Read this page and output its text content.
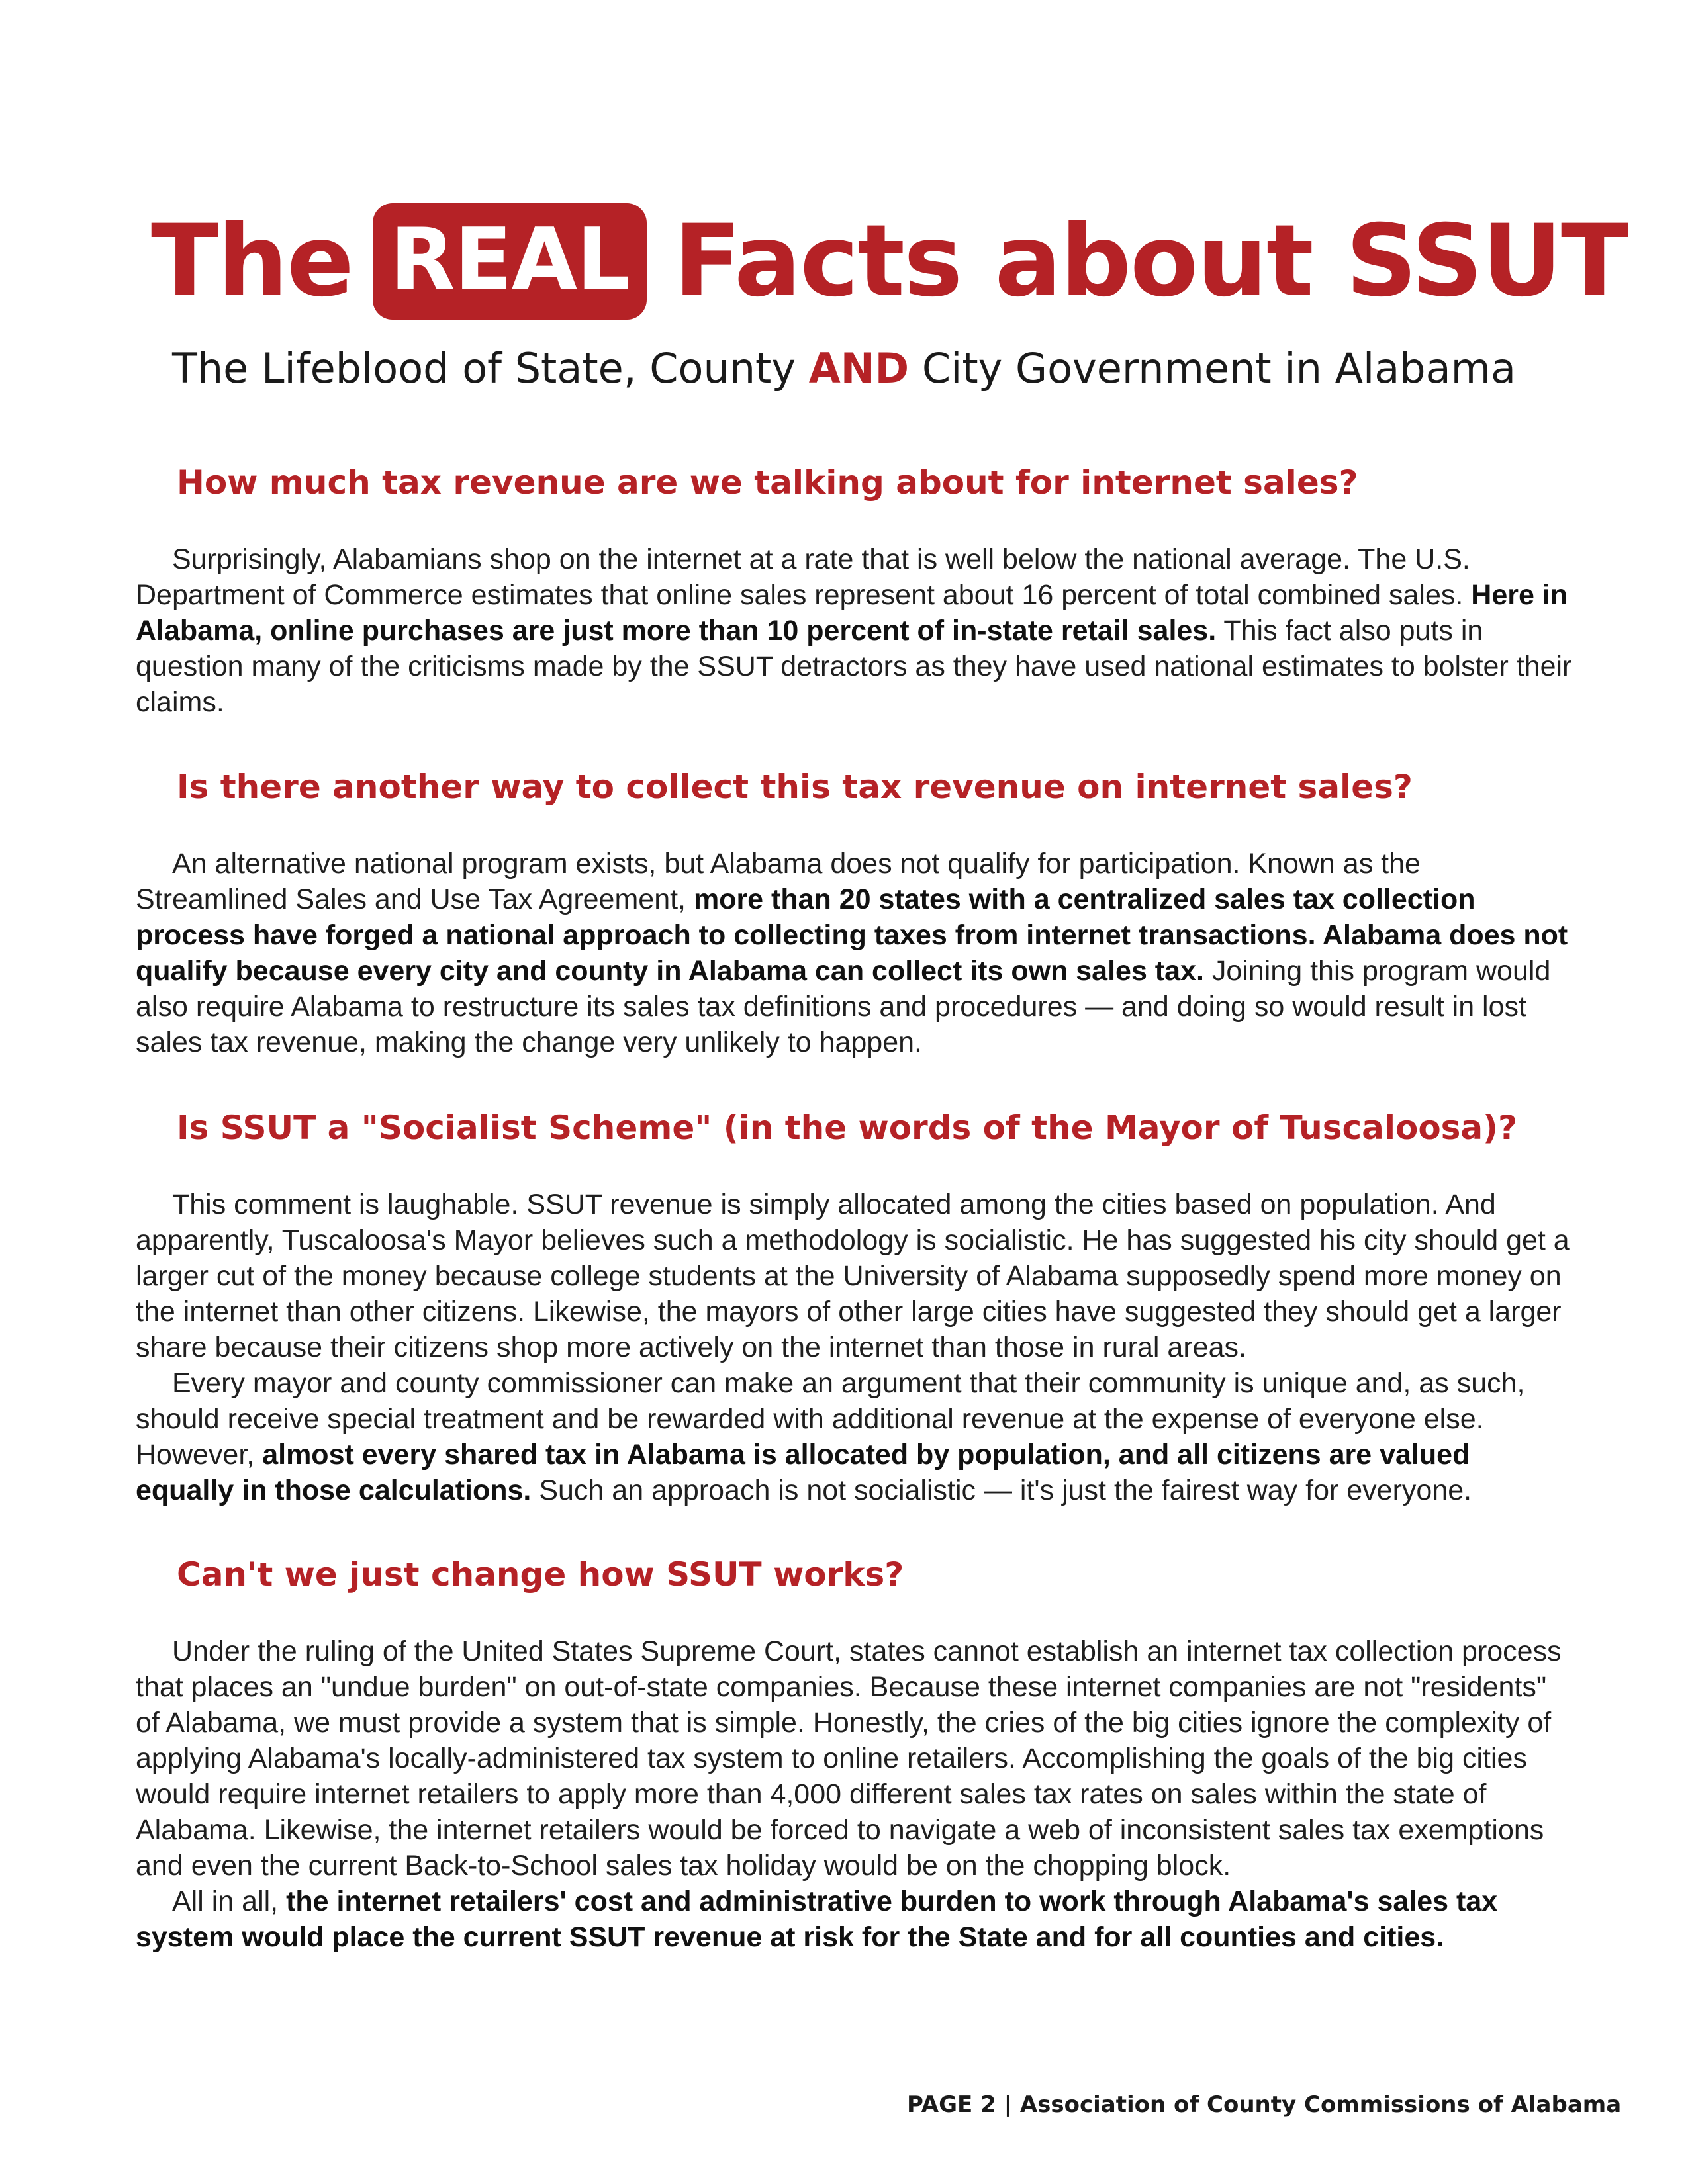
The REAL Facts about SSUT
The Lifeblood of State, County AND City Government in Alabama
How much tax revenue are we talking about for internet sales?

Surprisingly, Alabamians shop on the internet at a rate that is well below the national average. The U.S. Department of Commerce estimates that online sales represent about 16 percent of total combined sales. Here in Alabama, online purchases are just more than 10 percent of in-state retail sales. This fact also puts in question many of the criticisms made by the SSUT detractors as they have used national estimates to bolster their claims.

Is there another way to collect this tax revenue on internet sales?

An alternative national program exists, but Alabama does not qualify for participation. Known as the Streamlined Sales and Use Tax Agreement, more than 20 states with a centralized sales tax collection process have forged a national approach to collecting taxes from internet transactions. Alabama does not qualify because every city and county in Alabama can collect its own sales tax. Joining this program would also require Alabama to restructure its sales tax definitions and procedures — and doing so would result in lost sales tax revenue, making the change very unlikely to happen.

Is SSUT a "Socialist Scheme" (in the words of the Mayor of Tuscaloosa)?

This comment is laughable. SSUT revenue is simply allocated among the cities based on population. And apparently, Tuscaloosa's Mayor believes such a methodology is socialistic. He has suggested his city should get a larger cut of the money because college students at the University of Alabama supposedly spend more money on the internet than other citizens. Likewise, the mayors of other large cities have suggested they should get a larger share because their citizens shop more actively on the internet than those in rural areas.

Every mayor and county commissioner can make an argument that their community is unique and, as such, should receive special treatment and be rewarded with additional revenue at the expense of everyone else. However, almost every shared tax in Alabama is allocated by population, and all citizens are valued equally in those calculations. Such an approach is not socialistic — it's just the fairest way for everyone.

Can't we just change how SSUT works?

Under the ruling of the United States Supreme Court, states cannot establish an internet tax collection process that places an "undue burden" on out-of-state companies. Because these internet companies are not "residents" of Alabama, we must provide a system that is simple. Honestly, the cries of the big cities ignore the complexity of applying Alabama's locally-administered tax system to online retailers. Accomplishing the goals of the big cities would require internet retailers to apply more than 4,000 different sales tax rates on sales within the state of Alabama. Likewise, the internet retailers would be forced to navigate a web of inconsistent sales tax exemptions and even the current Back-to-School sales tax holiday would be on the chopping block.

All in all, the internet retailers' cost and administrative burden to work through Alabama's sales tax system would place the current SSUT revenue at risk for the State and for all counties and cities.

PAGE 2 | Association of County Commissions of Alabama
